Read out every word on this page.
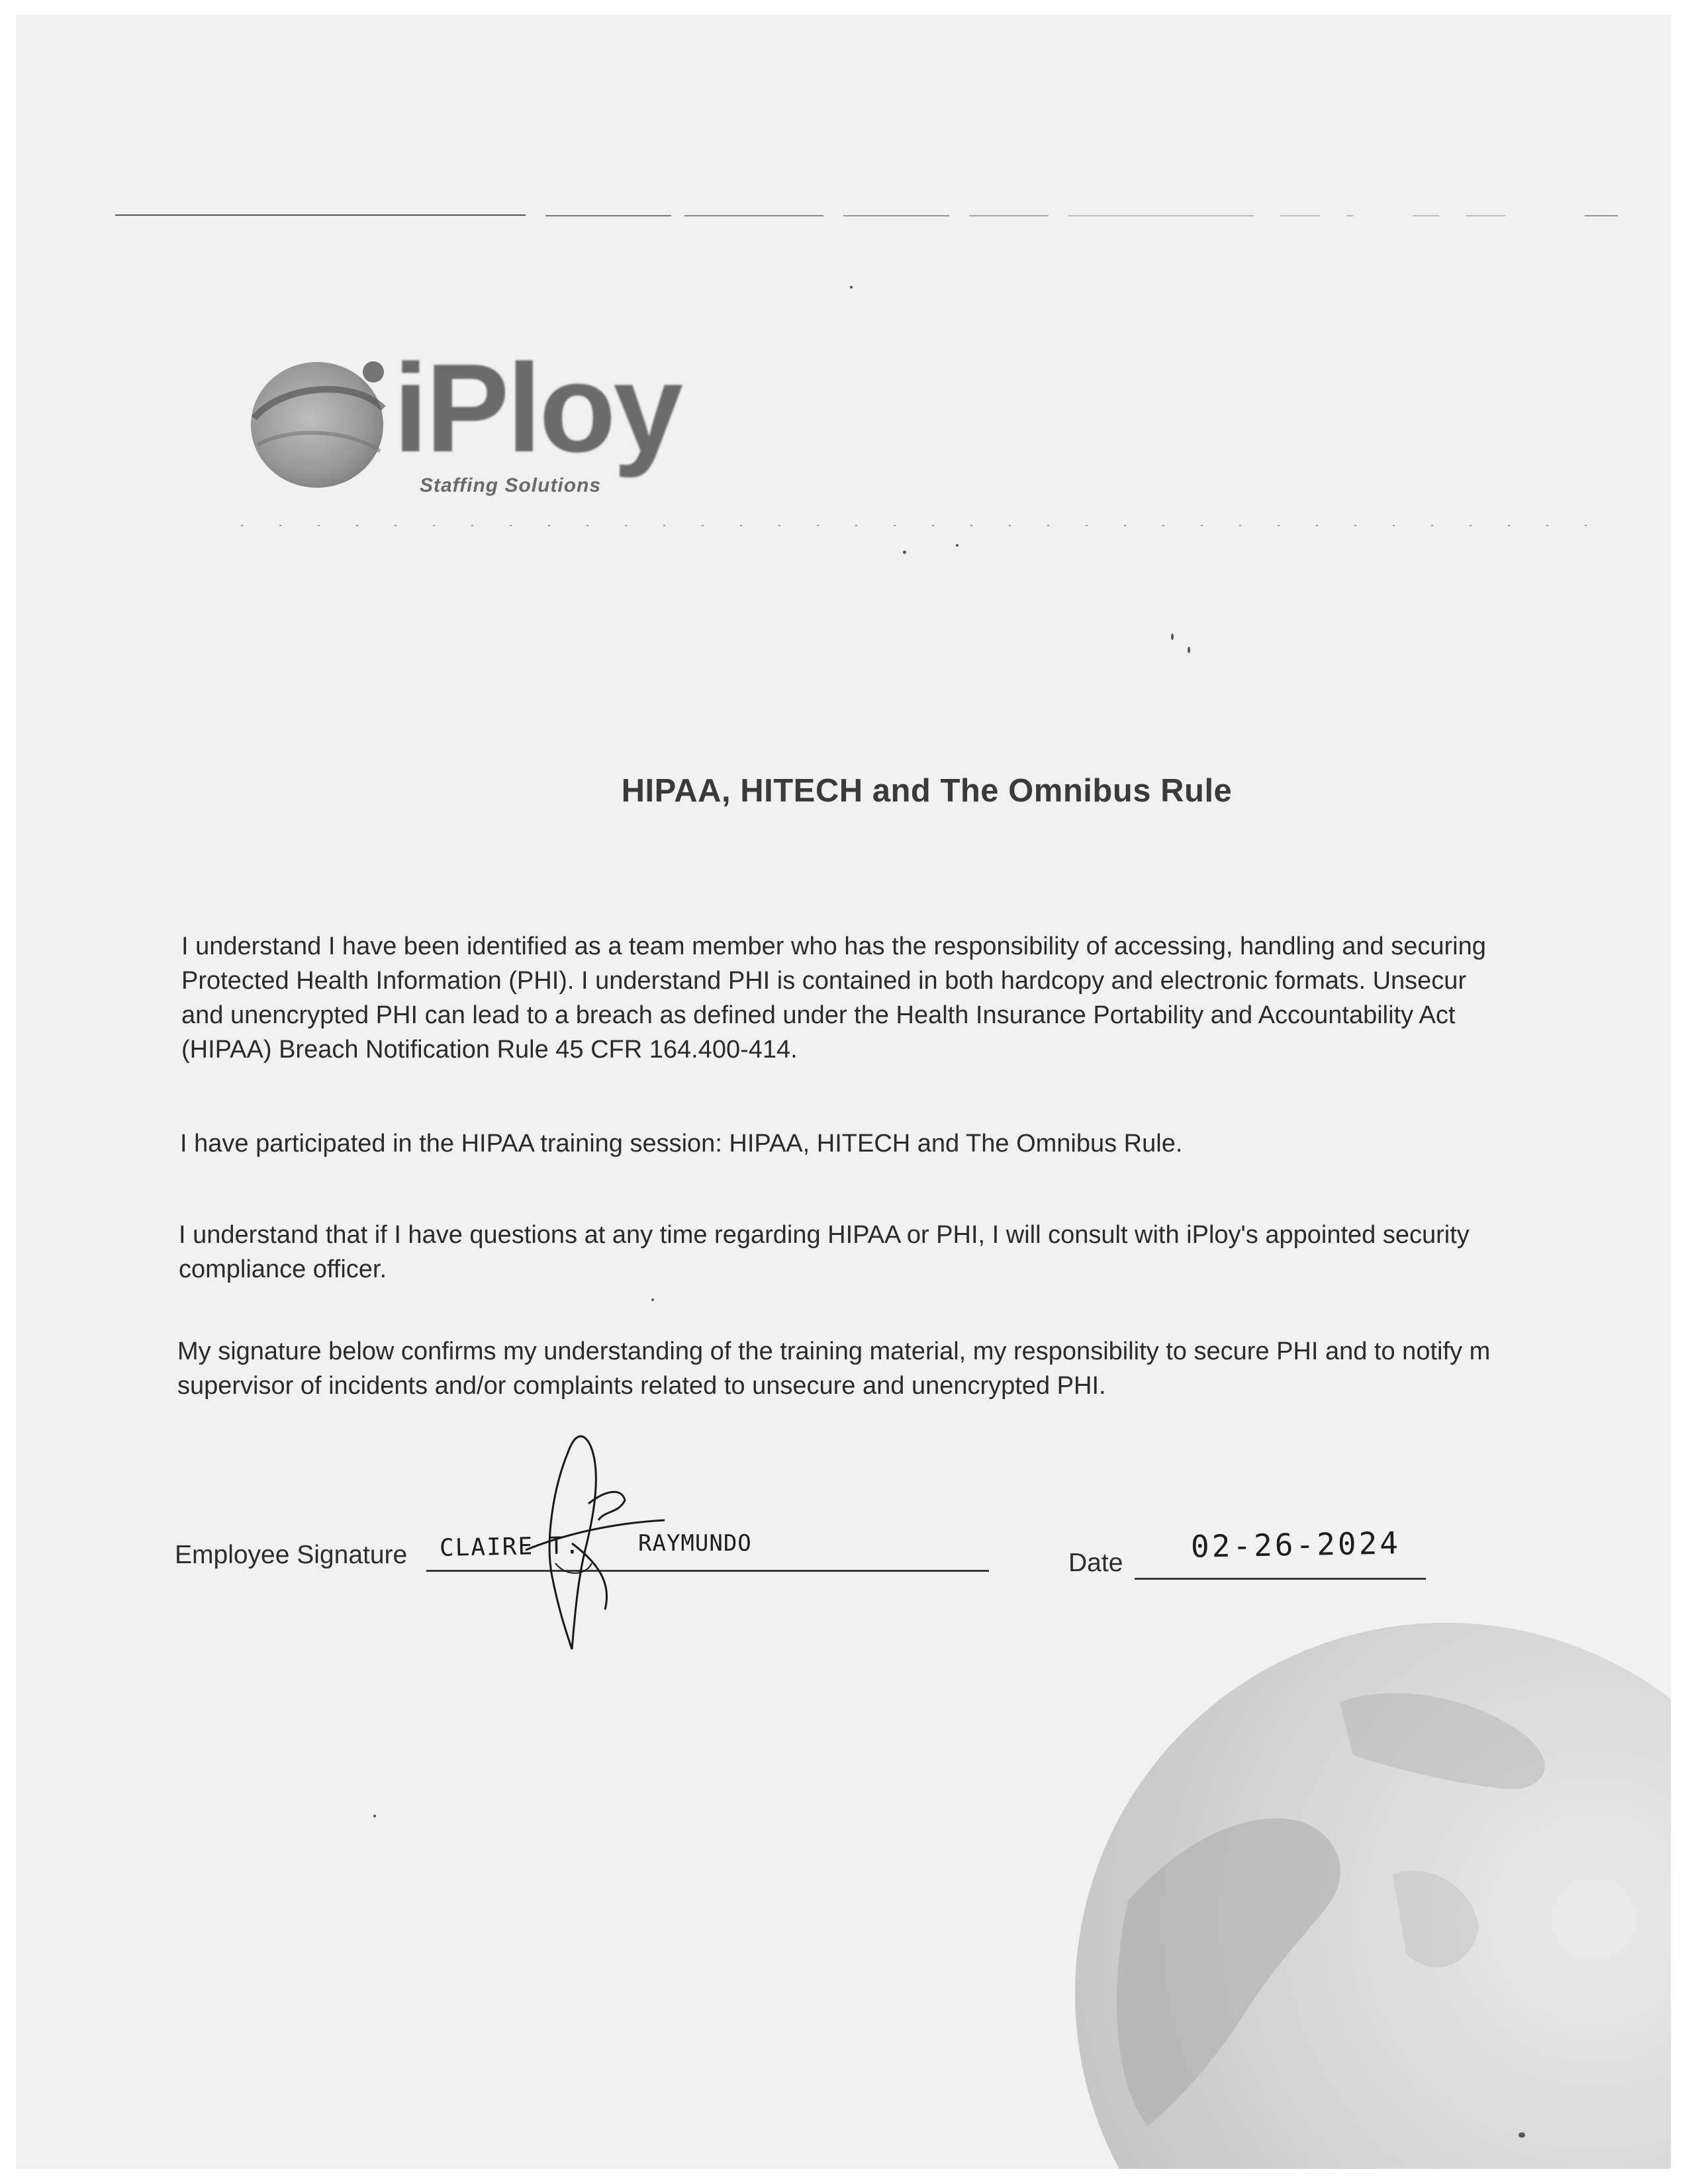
iPloy
Staffing Solutions
HIPAA, HITECH and The Omnibus Rule
I understand I have been identified as a team member who has the responsibility of accessing, handling and securing
Protected Health Information (PHI). I understand PHI is contained in both hardcopy and electronic formats. Unsecur
and unencrypted PHI can lead to a breach as defined under the Health Insurance Portability and Accountability Act
(HIPAA) Breach Notification Rule 45 CFR 164.400-414.
I have participated in the HIPAA training session: HIPAA, HITECH and The Omnibus Rule.
I understand that if I have questions at any time regarding HIPAA or PHI, I will consult with iPloy's appointed security
compliance officer.
My signature below confirms my understanding of the training material, my responsibility to secure PHI and to notify m
supervisor of incidents and/or complaints related to unsecure and unencrypted PHI.
Employee Signature CLAIRE T.	RAYMUNDO
Date 02-26-2024
